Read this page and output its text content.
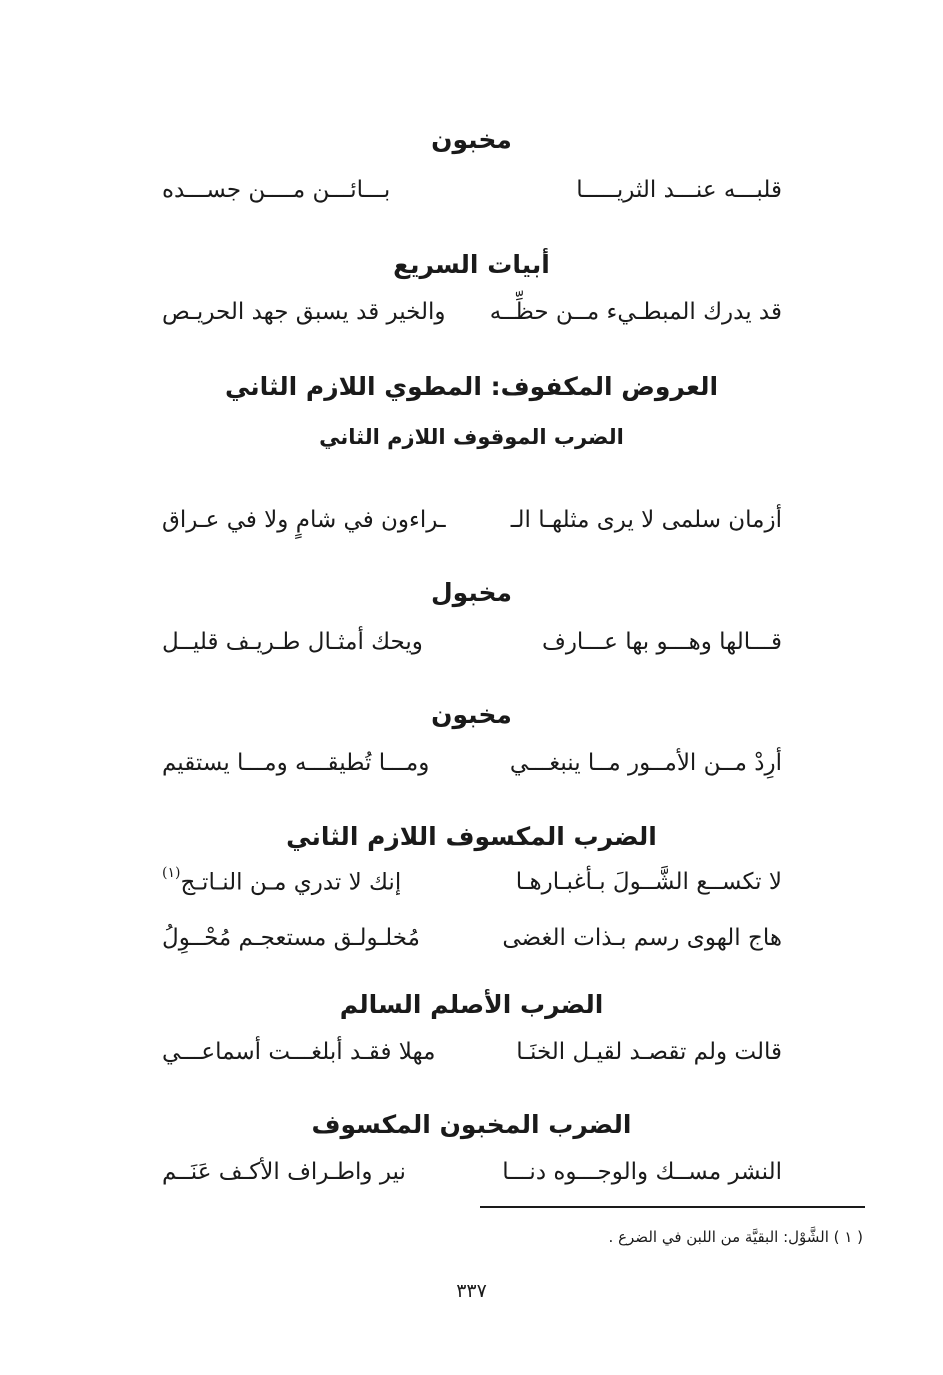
مخبون
قلبـــه عنـــد الثريـــــا
بـــائـــن مــــن جســـده
أبيات السريع
قد يدرك المبطـيء مــن حظِّــه
والخير قد يسبق جهد الحريـص
العروض المكفوف: المطوي اللازم الثاني
الضرب الموقوف اللازم الثاني
أزمان سلمى لا يرى مثلهـا الـ
ـراءون في شامٍ ولا في عـراق
مخبول
قـــالها وهـــو بها عـــارف
ويحك أمثـال طـريـف قليــل
مخبون
أرِدْ مــن الأمــور مــا ينبغـــي
ومـــا تُطيقـــه ومـــا يستقيم
الضرب المكسوف اللازم الثاني
لا تكســع الشَّــولَ بـأغبـارهـا
إنك لا تدري مـن النـاتـج$^{(١)}$
هاج الهوى رسم بـذات الغضى
مُخلـولـق مستعجـم مُحْــوِلُ
الضرب الأصلم السالم
قالت ولم تقصـد لقيـل الخنَـا
مهلا فقـد أبلغـــت أسماعـــي
الضرب المخبون المكسوف
النشر مســك والوجـــوه دنـــا
نير واطـراف الأكـف عَنَــم
( ١ ) الشَّوْل: البقيَّة من اللبن في الضرع .
٣٣٧
